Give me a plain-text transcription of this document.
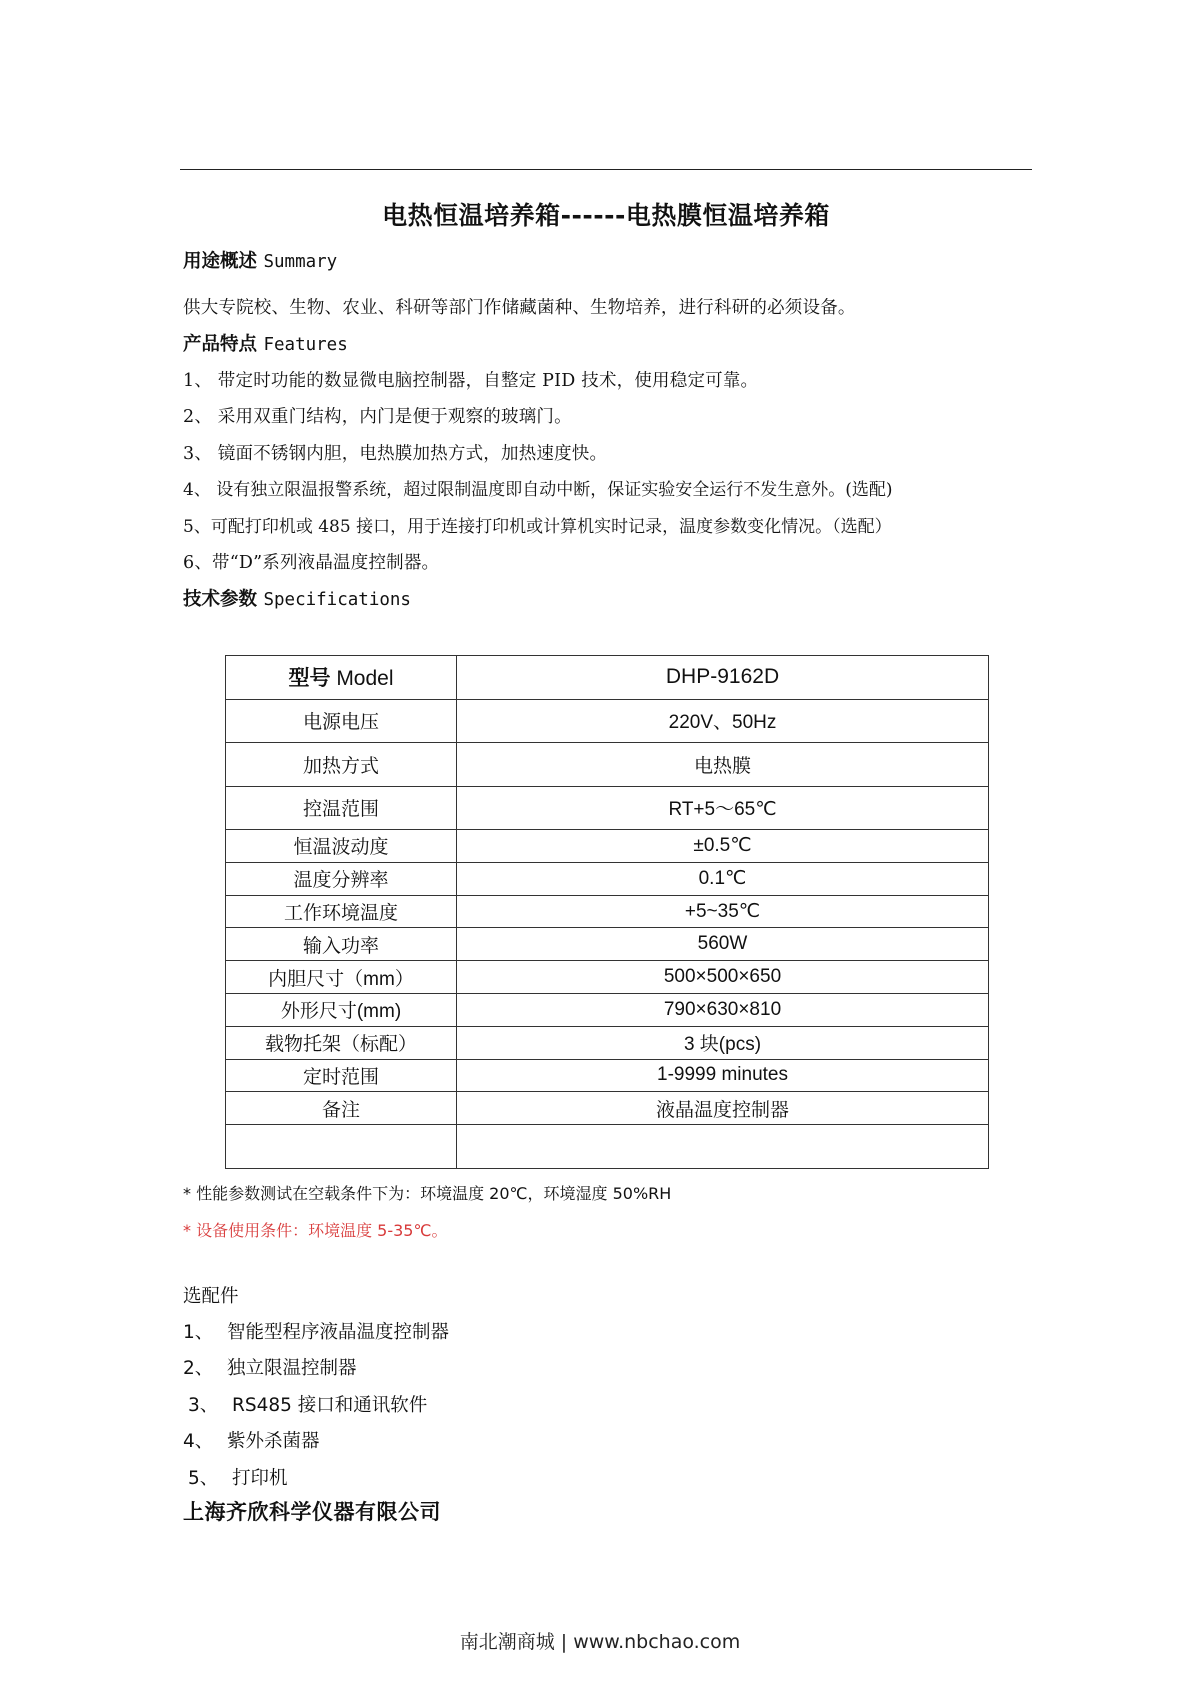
电热恒温培养箱------电热膜恒温培养箱
用途概述 Summary
供大专院校、生物、农业、科研等部门作储藏菌种、生物培养，进行科研的必须设备。
产品特点 Features
1、 带定时功能的数显微电脑控制器，自整定 PID 技术，使用稳定可靠。
2、 采用双重门结构，内门是便于观察的玻璃门。
3、 镜面不锈钢内胆，电热膜加热方式，加热速度快。
4、 设有独立限温报警系统，超过限制温度即自动中断，保证实验安全运行不发生意外。(选配)
5、可配打印机或 485 接口，用于连接打印机或计算机实时记录，温度参数变化情况。（选配）
6、带“D”系列液晶温度控制器。
技术参数 Specifications
型号 Model	DHP-9162D
电源电压	220V、50Hz
加热方式	电热膜
控温范围	RT+5～65℃
恒温波动度	±0.5℃
温度分辨率	0.1℃
工作环境温度	+5~35℃
输入功率	560W
内胆尺寸（mm）	500×500×650
外形尺寸(mm)	790×630×810
载物托架（标配）	3 块(pcs)
定时范围	1-9999 minutes
备注	液晶温度控制器

* 性能参数测试在空载条件下为：环境温度 20℃，环境湿度 50%RH
* 设备使用条件：环境温度 5-35℃。
选配件
1、 智能型程序液晶温度控制器
2、 独立限温控制器
3、 RS485 接口和通讯软件
4、 紫外杀菌器
5、 打印机
上海齐欣科学仪器有限公司
南北潮商城 | www.nbchao.com
